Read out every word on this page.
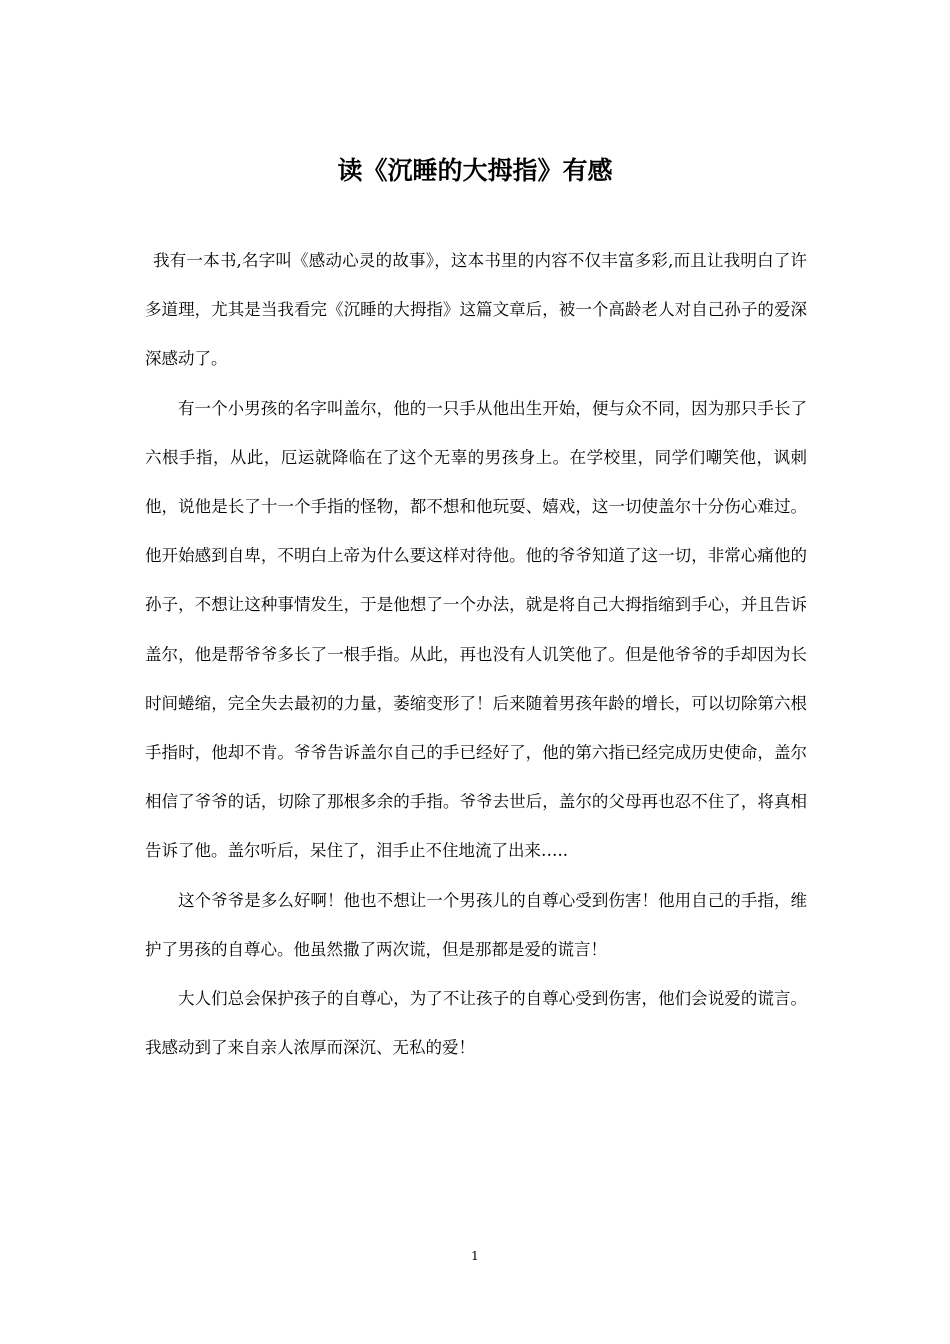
读《沉睡的大拇指》有感

我有一本书,名字叫《感动心灵的故事》，这本书里的内容不仅丰富多彩,而且让我明白了许多道理，尤其是当我看完《沉睡的大拇指》这篇文章后，被一个高龄老人对自己孙子的爱深深感动了。

有一个小男孩的名字叫盖尔，他的一只手从他出生开始，便与众不同，因为那只手长了六根手指，从此，厄运就降临在了这个无辜的男孩身上。在学校里，同学们嘲笑他，讽刺他，说他是长了十一个手指的怪物，都不想和他玩耍、嬉戏，这一切使盖尔十分伤心难过。他开始感到自卑，不明白上帝为什么要这样对待他。他的爷爷知道了这一切，非常心痛他的孙子，不想让这种事情发生，于是他想了一个办法，就是将自己大拇指缩到手心，并且告诉盖尔，他是帮爷爷多长了一根手指。从此，再也没有人讥笑他了。但是他爷爷的手却因为长时间蜷缩，完全失去最初的力量，萎缩变形了！后来随着男孩年龄的增长，可以切除第六根手指时，他却不肯。爷爷告诉盖尔自己的手已经好了，他的第六指已经完成历史使命，盖尔相信了爷爷的话，切除了那根多余的手指。爷爷去世后，盖尔的父母再也忍不住了，将真相告诉了他。盖尔听后，呆住了，泪手止不住地流了出来…..

这个爷爷是多么好啊！他也不想让一个男孩儿的自尊心受到伤害！他用自己的手指，维护了男孩的自尊心。他虽然撒了两次谎，但是那都是爱的谎言！

大人们总会保护孩子的自尊心，为了不让孩子的自尊心受到伤害，他们会说爱的谎言。我感动到了来自亲人浓厚而深沉、无私的爱！

1
